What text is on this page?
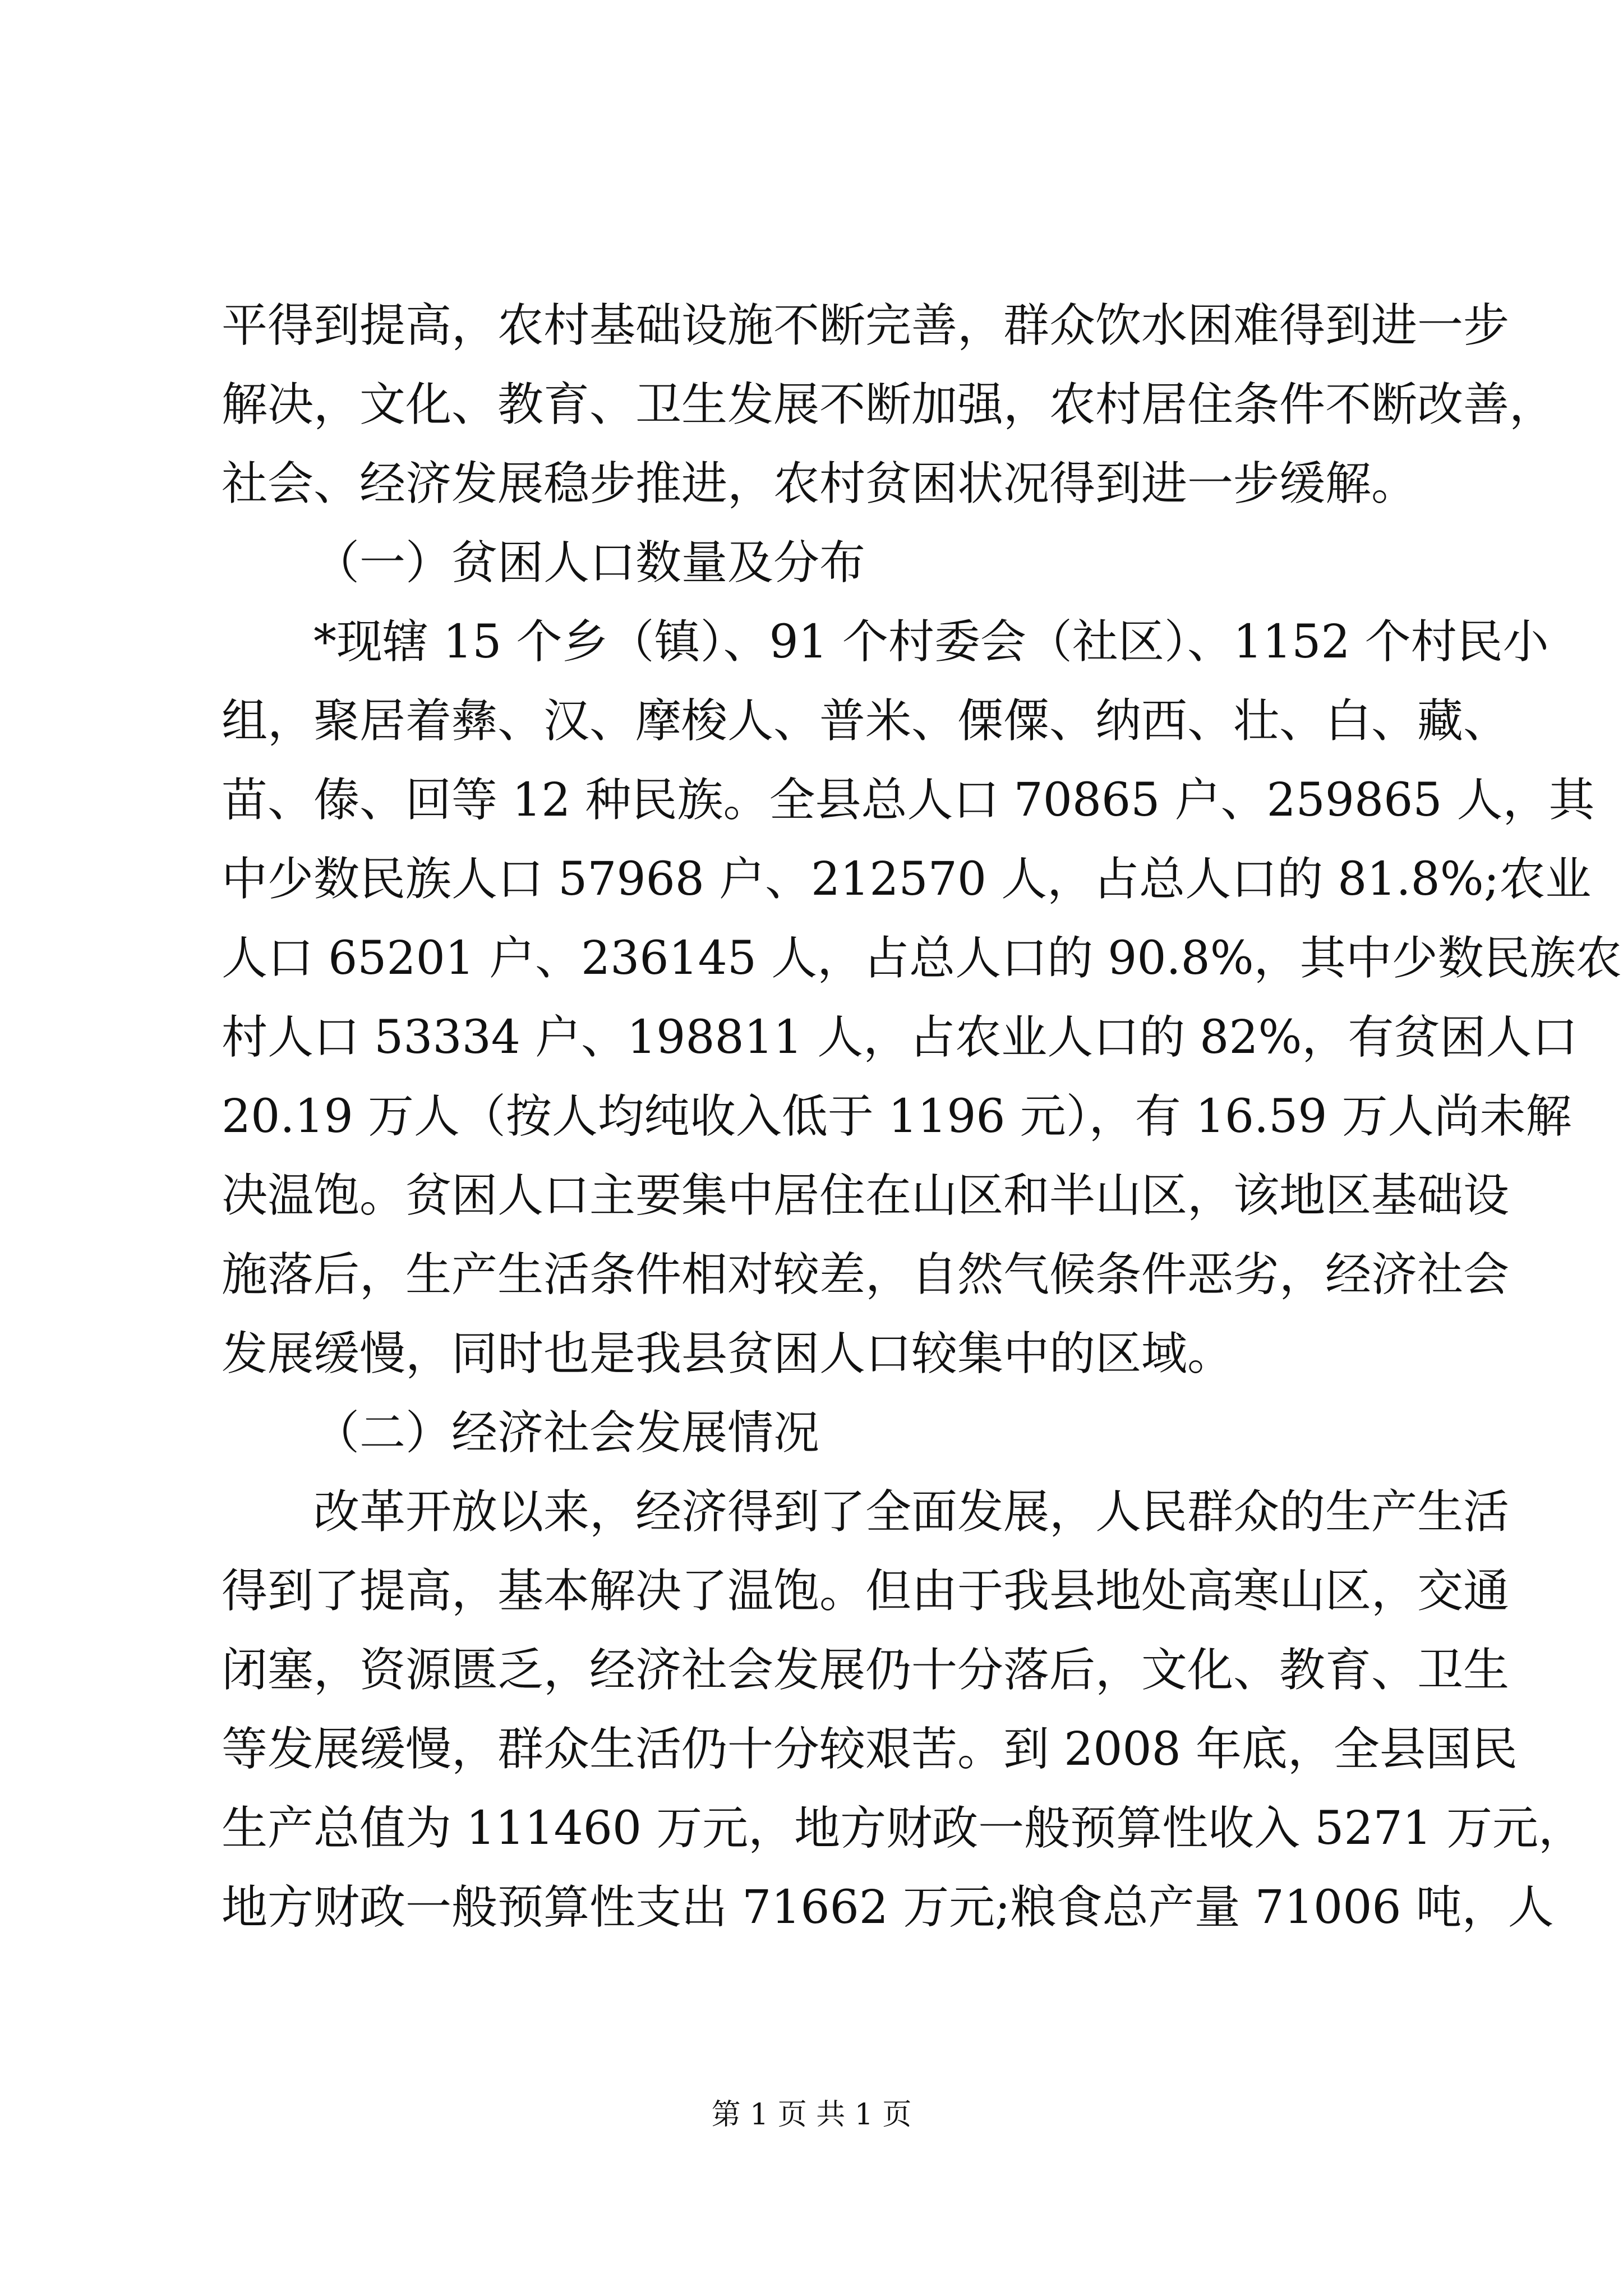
平得到提高，农村基础设施不断完善，群众饮水困难得到进一步
解决，文化、教育、卫生发展不断加强，农村居住条件不断改善，
社会、经济发展稳步推进，农村贫困状况得到进一步缓解。
（一）贫困人口数量及分布
*现辖 15 个乡（镇）、91 个村委会（社区）、1152 个村民小
组，聚居着彝、汉、摩梭人、普米、傈僳、纳西、壮、白、藏、
苗、傣、回等 12 种民族。全县总人口 70865 户、259865 人，其
中少数民族人口 57968 户、212570 人，占总人口的 81.8%;农业
人口 65201 户、236145 人，占总人口的 90.8%，其中少数民族农
村人口 53334 户、198811 人，占农业人口的 82%，有贫困人口
20.19 万人（按人均纯收入低于 1196 元），有 16.59 万人尚未解
决温饱。贫困人口主要集中居住在山区和半山区，该地区基础设
施落后，生产生活条件相对较差，自然气候条件恶劣，经济社会
发展缓慢，同时也是我县贫困人口较集中的区域。
（二）经济社会发展情况
改革开放以来，经济得到了全面发展，人民群众的生产生活
得到了提高，基本解决了温饱。但由于我县地处高寒山区，交通
闭塞，资源匮乏，经济社会发展仍十分落后，文化、教育、卫生
等发展缓慢，群众生活仍十分较艰苦。到 2008 年底，全县国民
生产总值为 111460 万元，地方财政一般预算性收入 5271 万元，
地方财政一般预算性支出 71662 万元;粮食总产量 71006 吨，人
第 1 页 共 1 页
